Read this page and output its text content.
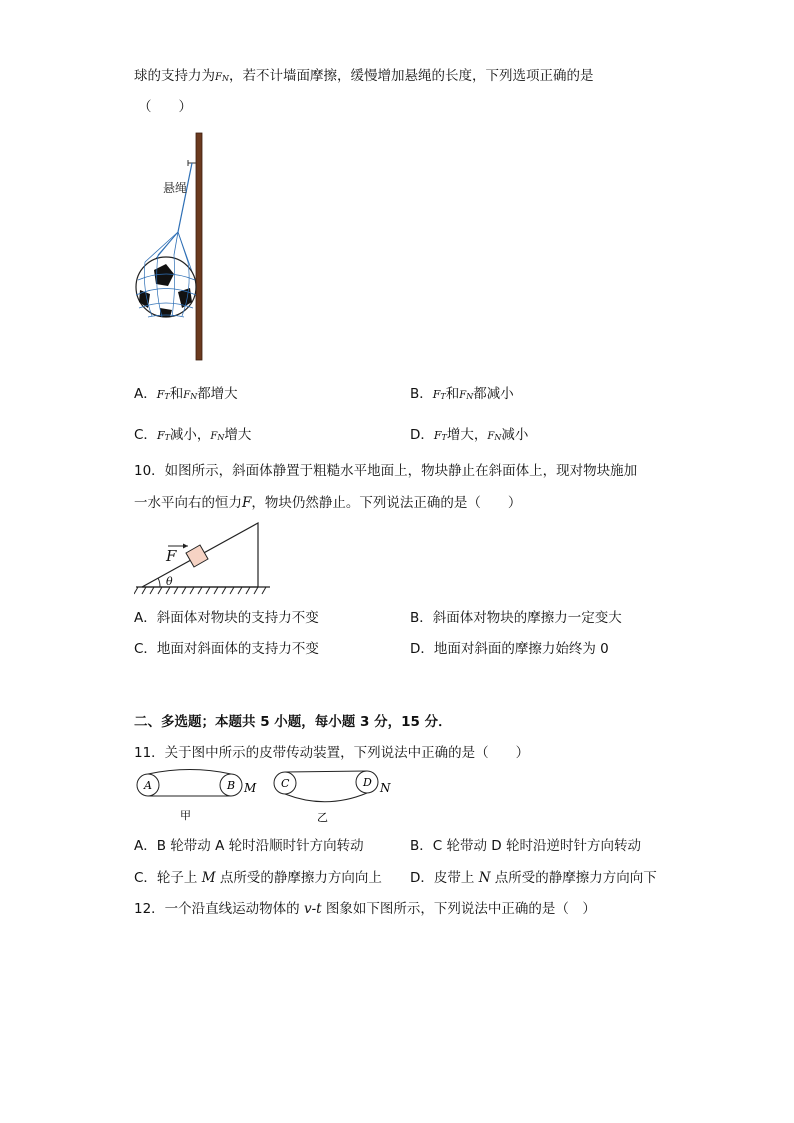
球的支持力为FN，若不计墙面摩擦，缓慢增加悬绳的长度，下列选项正确的是
（　　）
悬绳
A．FT和FN都增大	B．FT和FN都减小
C．FT减小，FN增大	D．FT增大，FN减小
10．如图所示，斜面体静置于粗糙水平地面上，物块静止在斜面体上，现对物块施加
一水平向右的恒力F，物块仍然静止。下列说法正确的是（　　）
F
θ
A．斜面体对物块的支持力不变	B．斜面体对物块的摩擦力一定变大
C．地面对斜面体的支持力不变	D．地面对斜面的摩擦力始终为 0
二、多选题；本题共 5 小题，每小题 3 分，15 分．
11．关于图中所示的皮带传动装置，下列说法中正确的是（　　）
A	B M
甲
C	D N
乙
A．B 轮带动 A 轮时沿顺时针方向转动	B．C 轮带动 D 轮时沿逆时针方向转动
C．轮子上 M 点所受的静摩擦力方向向上 D．皮带上 N 点所受的静摩擦力方向向下
12．一个沿直线运动物体的 v-t 图象如下图所示，下列说法中正确的是（　）
